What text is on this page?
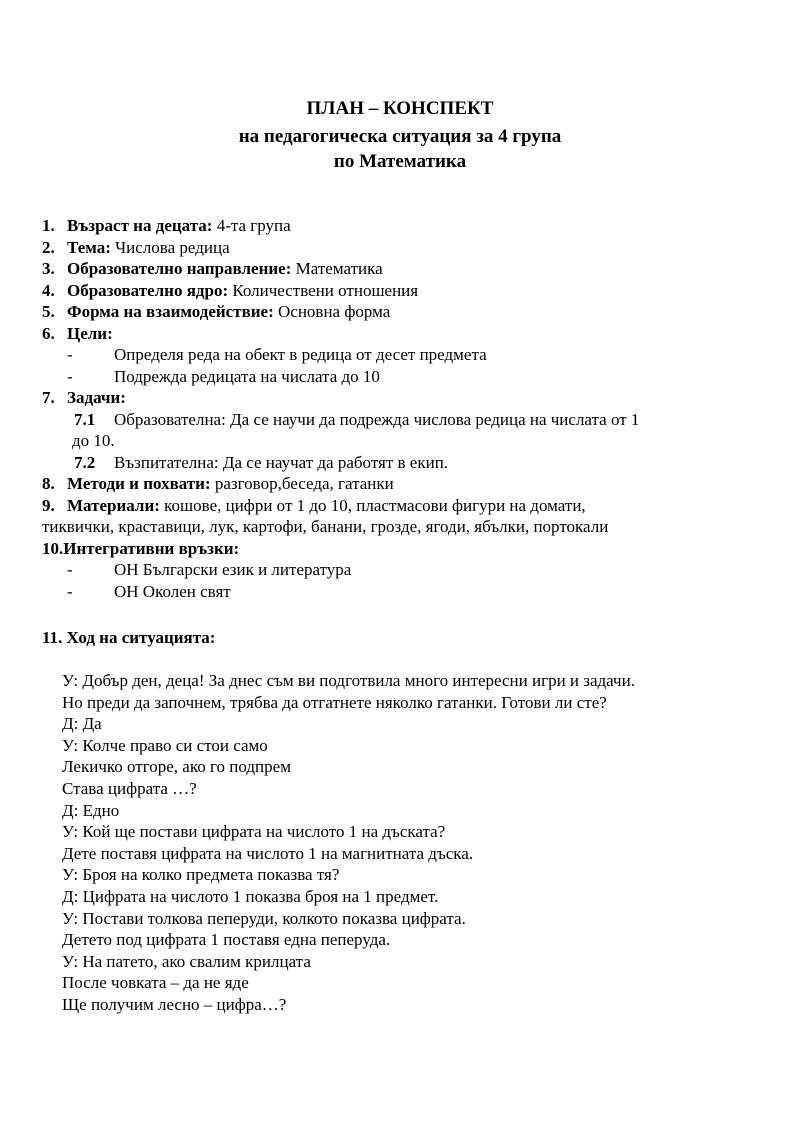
ПЛАН – КОНСПЕКТ
на педагогическа ситуация за 4 група
по Математика
1. Възраст на децата: 4-та група
2. Тема: Числова редица
3. Образователно направление: Математика
4. Образователно ядро: Количествени отношения
5. Форма на взаимодействие: Основна форма
6. Цели:
- Определя реда на обект в редица от десет предмета
- Подрежда редицата на числата до 10
7. Задачи:
7.1 Образователна: Да се научи да подрежда числова редица на числата от 1
до 10.
7.2 Възпитателна: Да се научат да работят в екип.
8. Методи и похвати: разговор,беседа, гатанки
9. Материали: кошове, цифри от 1 до 10, пластмасови фигури на домати,
тиквички, краставици, лук, картофи, банани, грозде, ягоди, ябълки, портокали
10.Интегративни връзки:
- ОН Български език и литература
- ОН Околен свят
11. Ход на ситуацията:
У: Добър ден, деца! За днес съм ви подготвила много интересни игри и задачи.
Но преди да започнем, трябва да отгатнете няколко гатанки. Готови ли сте?
Д: Да
У: Колче право си стои само
Лекичко отгоре, ако го подпрем
Става цифрата …?
Д: Едно
У: Кой ще постави цифрата на числото 1 на дъската?
Дете поставя цифрата на числото 1 на магнитната дъска.
У: Броя на колко предмета показва тя?
Д: Цифрата на числото 1 показва броя на 1 предмет.
У: Постави толкова пеперуди, колкото показва цифрата.
Детето под цифрата 1 поставя една пеперуда.
У: На патето, ако свалим крилцата
После човката – да не яде
Ще получим лесно – цифра…?
